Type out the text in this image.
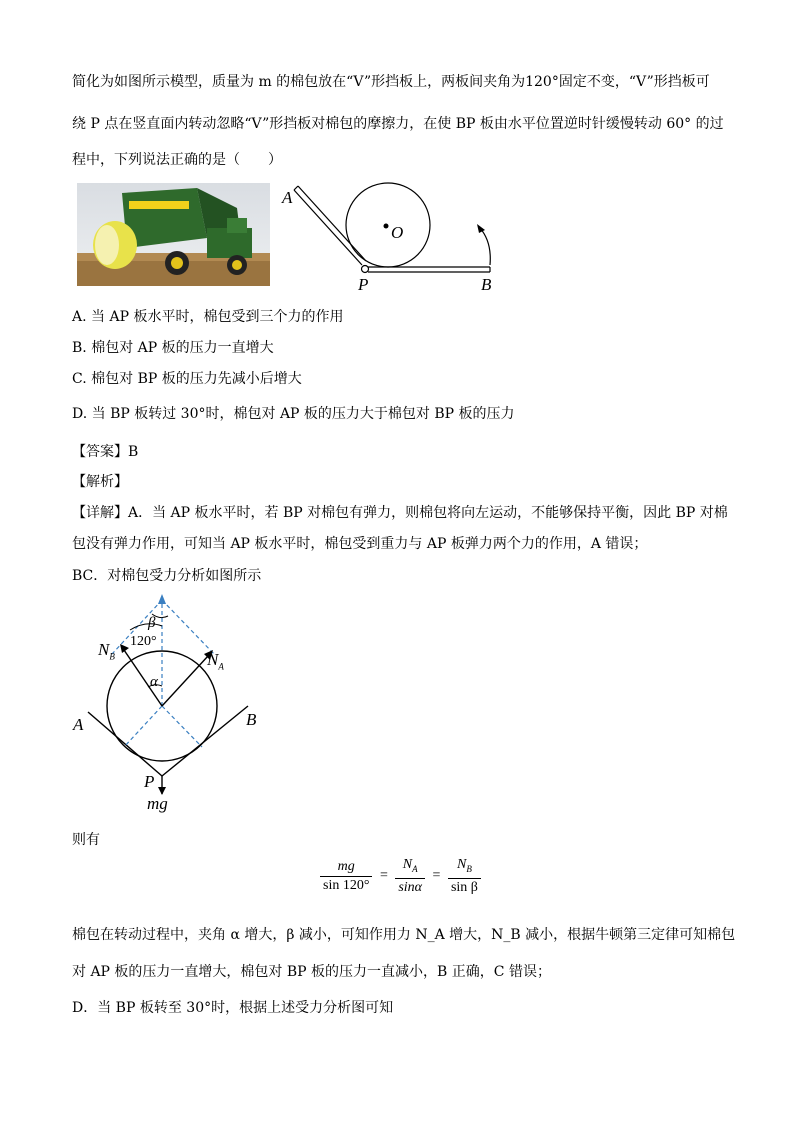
简化为如图所示模型，质量为 m 的棉包放在“V”形挡板上，两板间夹角为120°固定不变，“V”形挡板可
绕 P 点在竖直面内转动忽略“V”形挡板对棉包的摩擦力，在使 BP 板由水平位置逆时针缓慢转动 60° 的过
程中，下列说法正确的是（　　）
A
O
P	B
A. 当 AP 板水平时，棉包受到三个力的作用
B. 棉包对 AP 板的压力一直增大
C. 棉包对 BP 板的压力先减小后增大
D. 当 BP 板转过 30°时，棉包对 AP 板的压力大于棉包对 BP 板的压力
【答案】B
【解析】
【详解】A．当 AP 板水平时，若 BP 对棉包有弹力，则棉包将向左运动，不能够保持平衡，因此 BP 对棉
包没有弹力作用，可知当 AP 板水平时，棉包受到重力与 AP 板弹力两个力的作用，A 错误；
BC．对棉包受力分析如图所示
$N_B$	$N_A$
β
120°
α
A	B
P
mg
则有
$\frac{mg}{\sin 120^\circ} = \frac{N_A}{\sin\alpha} = \frac{N_B}{\text{sin β}}$
棉包在转动过程中，夹角 α 增大，β 减小，可知作用力 N_A 增大，N_B 减小，根据牛顿第三定律可知棉包
对 AP 板的压力一直增大，棉包对 BP 板的压力一直减小，B 正确，C 错误；
D．当 BP 板转至 30°时，根据上述受力分析图可知
